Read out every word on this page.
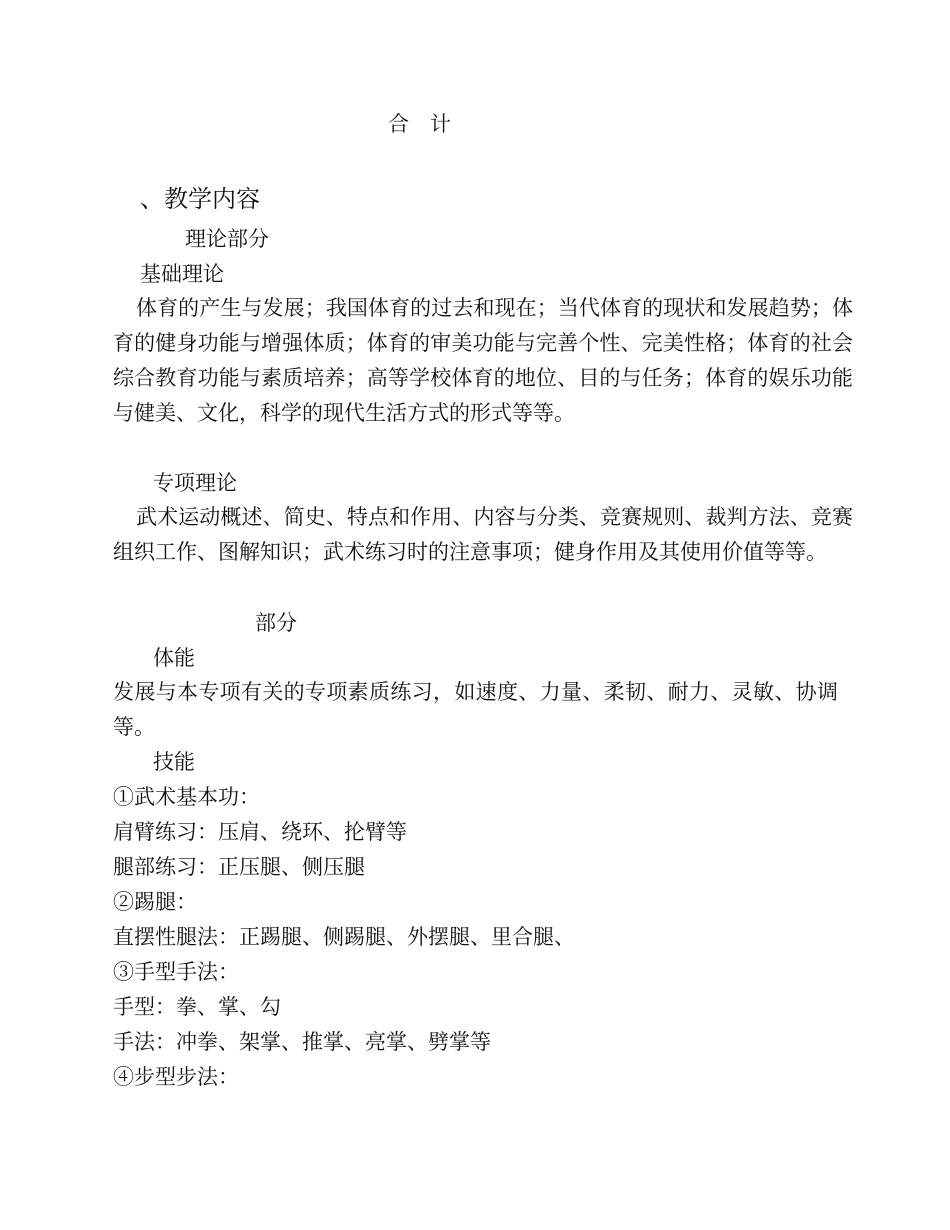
合　计
、教学内容
理论部分
基础理论
体育的产生与发展；我国体育的过去和现在；当代体育的现状和发展趋势；体育的健身功能与增强体质；体育的审美功能与完善个性、完美性格；体育的社会综合教育功能与素质培养；高等学校体育的地位、目的与任务；体育的娱乐功能与健美、文化，科学的现代生活方式的形式等等。
专项理论
武术运动概述、简史、特点和作用、内容与分类、竞赛规则、裁判方法、竞赛组织工作、图解知识；武术练习时的注意事项；健身作用及其使用价值等等。
部分
体能
发展与本专项有关的专项素质练习，如速度、力量、柔韧、耐力、灵敏、协调等。
技能
①武术基本功：
肩臂练习：压肩、绕环、抡臂等
腿部练习：正压腿、侧压腿
②踢腿：
直摆性腿法：正踢腿、侧踢腿、外摆腿、里合腿、
③手型手法：
手型：拳、掌、勾
手法：冲拳、架掌、推掌、亮掌、劈掌等
④步型步法：
